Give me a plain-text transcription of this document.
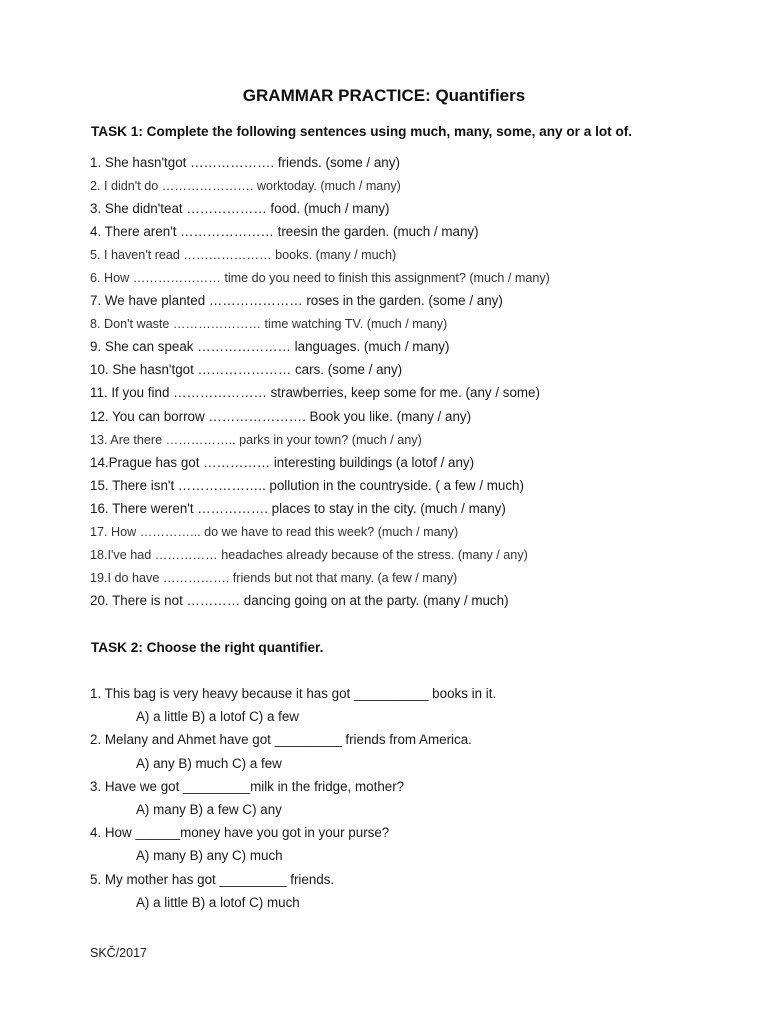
GRAMMAR PRACTICE: Quantifiers
TASK 1: Complete the following sentences using much, many, some, any or a lot of.
1. She hasn'tgot ………………. friends. (some / any)
2. I didn't do …………………. worktoday. (much / many)
3. She didn'teat ……………… food. (much / many)
4. There aren't ………………… treesin the garden. (much / many)
5. I haven't read ………………… books. (many / much)
6. How ………………… time do you need to finish this assignment? (much / many)
7. We have planted ………………… roses in the garden. (some / any)
8. Don't waste ………………… time watching TV. (much / many)
9. She can speak ………………… languages. (much / many)
10. She hasn'tgot ………………… cars. (some / any)
11. If you find ………………… strawberries, keep some for me. (any / some)
12. You can borrow …………………. Book you like. (many / any)
13. Are there …………….. parks in your town? (much / any)
14.Prague has got …………… interesting buildings (a lotof / any)
15. There isn't ……………….. pollution in the countryside. ( a few / much)
16. There weren't ……………. places to stay in the city. (much / many)
17. How …………... do we have to read this week? (much / many)
18.I've had …………… headaches already because of the stress. (many / any)
19.I do have ……………. friends but not that many. (a few / many)
20. There is not ………… dancing going on at the party. (many / much)
TASK 2: Choose the right quantifier.
1. This bag is very heavy because it has got __________ books in it.
A) a little B) a lotof C) a few
2. Melany and Ahmet have got _________ friends from America.
A) any B) much C) a few
3. Have we got _________milk in the fridge, mother?
A) many B) a few C) any
4. How ______money have you got in your purse?
A) many B) any C) much
5. My mother has got _________ friends.
A) a little B) a lotof C) much
SKČ/2017
